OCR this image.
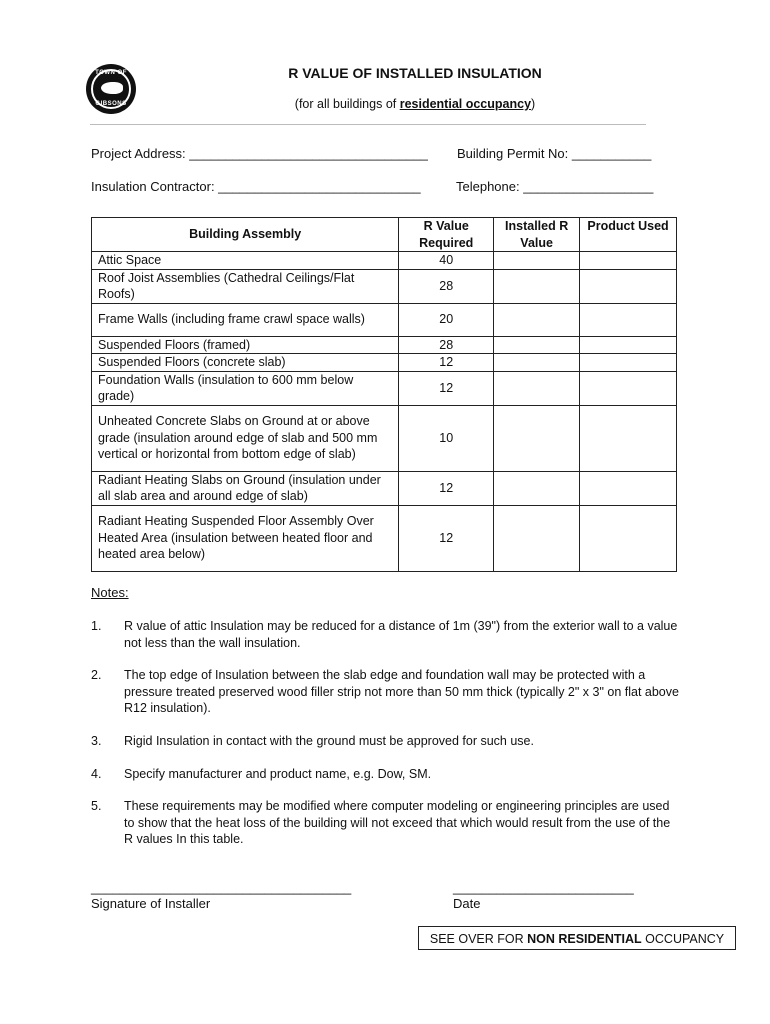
TOWN OF
GIBSONS
R VALUE OF INSTALLED INSULATION
(for all buildings of residential occupancy)
Project Address: _________________________________ Building Permit No: ___________
Insulation Contractor: ____________________________	Telephone: __________________
Building Assembly	R Value Required	Installed R Value	Product Used
Attic Space	40		
Roof Joist Assemblies (Cathedral Ceilings/Flat Roofs)	28		
Frame Walls (including frame crawl space walls)	20		
Suspended Floors (framed)	28		
Suspended Floors (concrete slab)	12		
Foundation Walls (insulation to 600 mm below grade)	12		
Unheated Concrete Slabs on Ground at or above grade (insulation around edge of slab and 500 mm vertical or horizontal from bottom edge of slab)	10		
Radiant Heating Slabs on Ground (insulation under all slab area and around edge of slab)	12		
Radiant Heating Suspended Floor Assembly Over Heated Area (insulation between heated floor and heated area below)	12		
Notes:
1. R value of attic Insulation may be reduced for a distance of 1m (39") from the exterior wall to a value not less than the wall insulation.
2. The top edge of Insulation between the slab edge and foundation wall may be protected with a pressure treated preserved wood filler strip not more than 50 mm thick (typically 2" x 3" on flat above R12 insulation).
3. Rigid Insulation in contact with the ground must be approved for such use.
4. Specify manufacturer and product name, e.g. Dow, SM.
5. These requirements may be modified where computer modeling or engineering principles are used to show that the heat loss of the building will not exceed that which would result from the use of the R values In this table.
____________________________________
Signature of Installer
_________________________
Date
SEE OVER FOR NON RESIDENTIAL OCCUPANCY
